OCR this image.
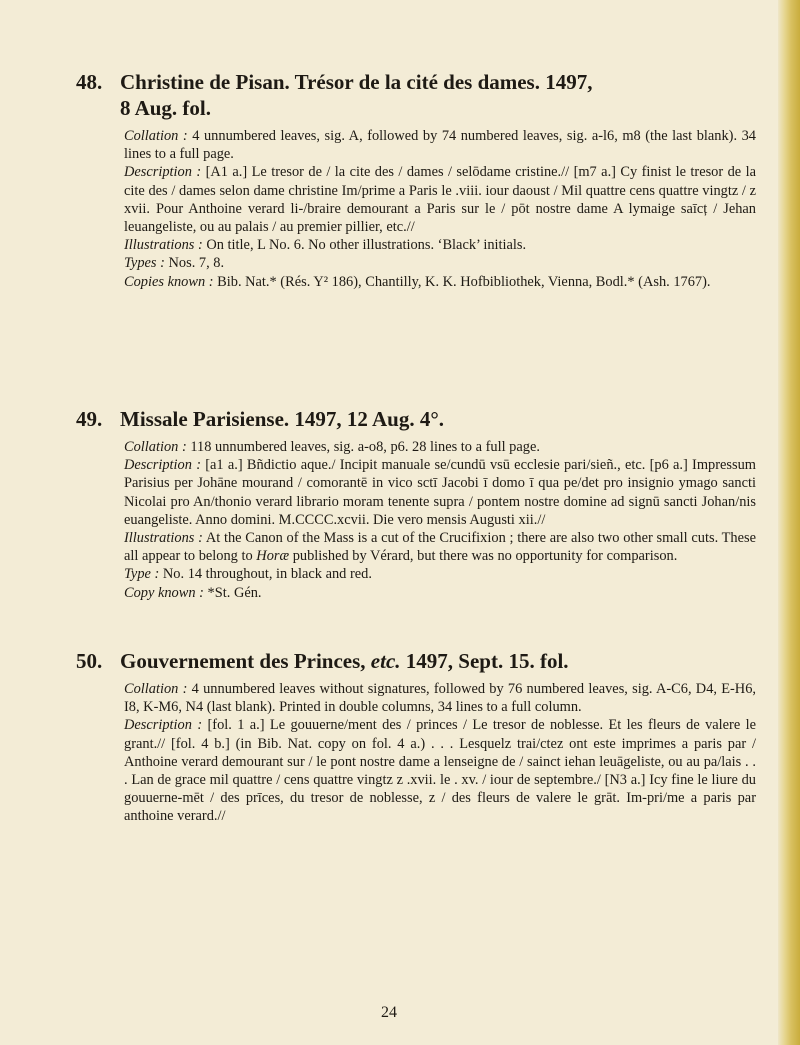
48. Christine de Pisan. Trésor de la cité des dames. 1497,
8 Aug. fol.

Collation : 4 unnumbered leaves, sig. A, followed by 74 numbered leaves, sig. a-l6, m8 (the last blank). 34 lines to a full page.

Description : [A1 a.] Le tresor de / la cite des / dames / selōdame cristine.// [m7 a.] Cy finist le tresor de la cite des / dames selon dame christine Im/prime a Paris le .viii. iour daoust / Mil quattre cens quattre vingtz / z xvii. Pour Anthoine verard li-/braire demourant a Paris sur le / pōt nostre dame A lymaige saīcț / Jehan leuangeliste, ou au palais / au premier pillier, etc.//

Illustrations : On title, L No. 6. No other illustrations. ‘Black’ initials.

Types : Nos. 7, 8.

Copies known : Bib. Nat.* (Rés. Y² 186), Chantilly, K. K. Hofbibliothek, Vienna, Bodl.* (Ash. 1767).

49. Missale Parisiense. 1497, 12 Aug. 4°.

Collation : 118 unnumbered leaves, sig. a-o8, p6. 28 lines to a full page.

Description : [a1 a.] Bñdictio aque./ Incipit manuale se/cundū vsū ecclesie pari/sieñ., etc. [p6 a.] Impressum Parisius per Johāne mourand / comorantē in vico sctī Jacobi ī domo ī qua pe/det pro insignio ymago sancti Nicolai pro An/thonio verard librario moram tenente supra / pontem nostre domine ad signū sancti Johan/nis euangeliste. Anno domini. M.CCCC.xcvii. Die vero mensis Augusti xii.//

Illustrations : At the Canon of the Mass is a cut of the Crucifixion ; there are also two other small cuts. These all appear to belong to Horæ published by Vérard, but there was no opportunity for comparison.

Type : No. 14 throughout, in black and red.

Copy known : *St. Gén.

50. Gouvernement des Princes, etc. 1497, Sept. 15. fol.

Collation : 4 unnumbered leaves without signatures, followed by 76 numbered leaves, sig. A-C6, D4, E-H6, I8, K-M6, N4 (last blank). Printed in double columns, 34 lines to a full column.

Description : [fol. 1 a.] Le gouuerne/ment des / princes / Le tresor de noblesse. Et les fleurs de valere le grant.// [fol. 4 b.] (in Bib. Nat. copy on fol. 4 a.) . . . Lesquelz trai/ctez ont este imprimes a paris par / Anthoine verard demourant sur / le pont nostre dame a lenseigne de / sainct iehan leuāgeliste, ou au pa/lais . . . Lan de grace mil quattre / cens quattre vingtz z .xvii. le . xv. / iour de septembre./ [N3 a.] Icy fine le liure du gouuerne-mēt / des prīces, du tresor de noblesse, z / des fleurs de valere le grāt. Im-pri/me a paris par anthoine verard.//

24
